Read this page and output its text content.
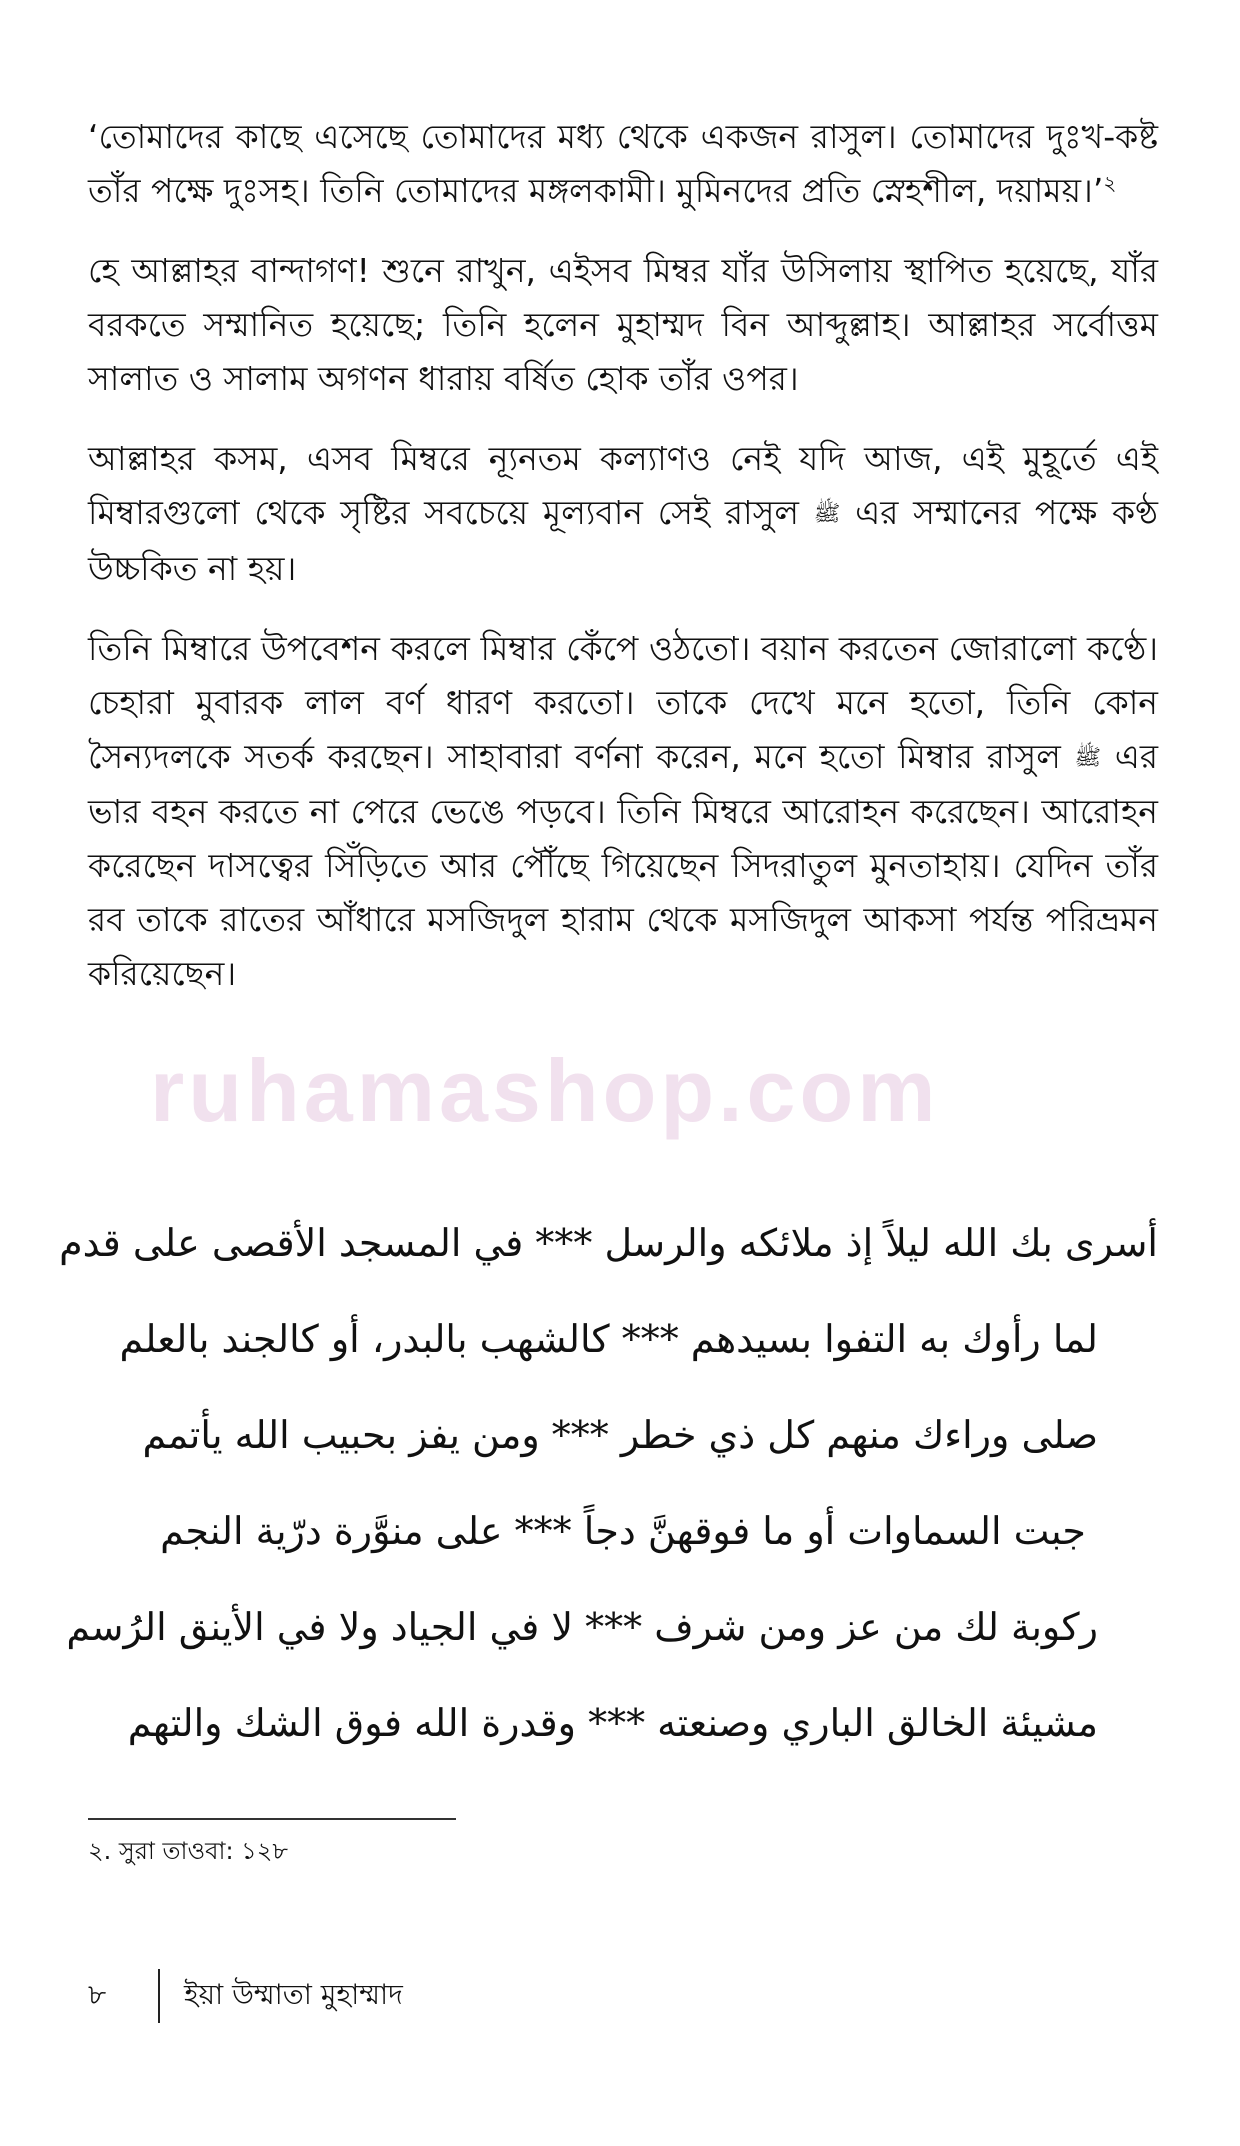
ruhamashop.com

‘তোমাদের কাছে এসেছে তোমাদের মধ্য থেকে একজন রাসুল। তোমাদের দুঃখ-কষ্ট তাঁর পক্ষে দুঃসহ। তিনি তোমাদের মঙ্গলকামী। মুমিনদের প্রতি স্নেহশীল, দয়াময়।’$^২$

হে আল্লাহর বান্দাগণ! শুনে রাখুন, এইসব মিম্বর যাঁর উসিলায় স্থাপিত হয়েছে, যাঁর বরকতে সম্মানিত হয়েছে; তিনি হলেন মুহাম্মদ বিন আব্দুল্লাহ। আল্লাহর সর্বোত্তম সালাত ও সালাম অগণন ধারায় বর্ষিত হোক তাঁর ওপর।

আল্লাহর কসম, এসব মিম্বরে ন্যূনতম কল্যাণও নেই যদি আজ, এই মুহূর্তে এই মিম্বারগুলো থেকে সৃষ্টির সবচেয়ে মূল্যবান সেই রাসুল ﷺ এর সম্মানের পক্ষে কণ্ঠ উচ্চকিত না হয়।

তিনি মিম্বারে উপবেশন করলে মিম্বার কেঁপে ওঠতো। বয়ান করতেন জোরালো কণ্ঠে। চেহারা মুবারক লাল বর্ণ ধারণ করতো। তাকে দেখে মনে হতো, তিনি কোন সৈন্যদলকে সতর্ক করছেন। সাহাবারা বর্ণনা করেন, মনে হতো মিম্বার রাসুল ﷺ এর ভার বহন করতে না পেরে ভেঙে পড়বে। তিনি মিম্বরে আরোহন করেছেন। আরোহন করেছেন দাসত্বের সিঁড়িতে আর পৌঁছে গিয়েছেন সিদরাতুল মুনতাহায়। যেদিন তাঁর রব তাকে রাতের আঁধারে মসজিদুল হারাম থেকে মসজিদুল আকসা পর্যন্ত পরিভ্রমন করিয়েছেন।

أسرى بك الله ليلاً إذ ملائكه والرسل *** في المسجد الأقصى على قدم
لما رأوك به التفوا بسيدهم *** كالشهب بالبدر، أو كالجند بالعلم
صلى وراءك منهم كل ذي خطر *** ومن يفز بحبيب الله يأتمم
جبت السماوات أو ما فوقهنَّ دجاً *** على منوَّرة درّية النجم
ركوبة لك من عز ومن شرف *** لا في الجياد ولا في الأينق الرُسم
مشيئة الخالق الباري وصنعته *** وقدرة الله فوق الشك والتهم
২. সুরা তাওবা: ১২৮
৮	ইয়া উম্মাতা মুহাম্মাদ
